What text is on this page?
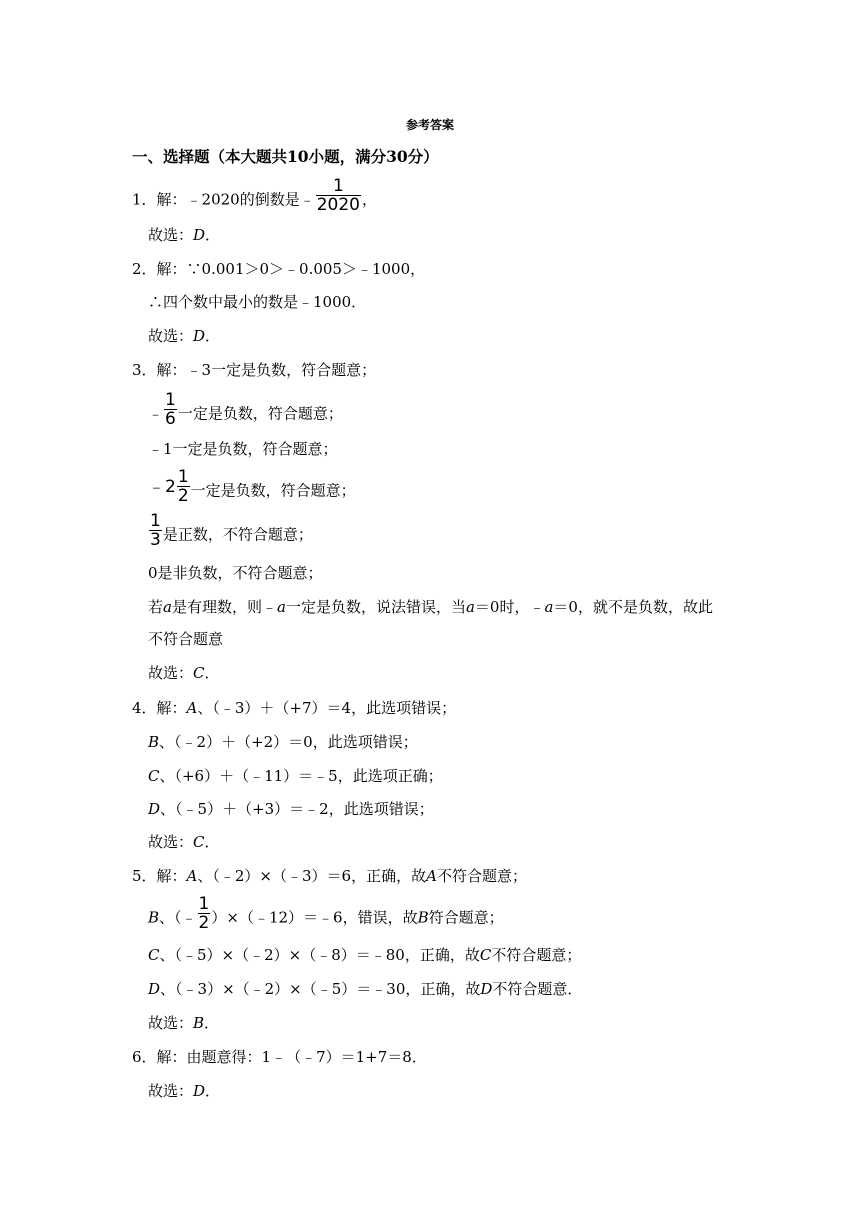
参考答案
一、选择题（本大题共10小题，满分30分）
1．解：﹣2020的倒数是﹣ $\frac{1}{2020}$ ，
故选：D．
2．解：∵0.001＞0＞﹣0.005＞﹣1000，
∴四个数中最小的数是﹣1000．
故选：D．
3．解：﹣3一定是负数，符合题意；
﹣ $\frac{1}{6}$ 一定是负数，符合题意；
﹣1一定是负数，符合题意；
﹣2 $\frac{1}{2}$ 一定是负数，符合题意；
$\frac{1}{3}$ 是正数，不符合题意；
0是非负数，不符合题意；
若a是有理数，则﹣a一定是负数，说法错误，当a＝0时，﹣a＝0，就不是负数，故此
不符合题意
故选：C．
4．解：A、（﹣3）＋（+7）＝4，此选项错误；
B、（﹣2）＋（+2）＝0，此选项错误；
C、（+6）＋（﹣11）＝﹣5，此选项正确；
D、（﹣5）＋（+3）＝﹣2，此选项错误；
故选：C．
5．解：A、（﹣2）×（﹣3）＝6，正确，故A不符合题意；
B、（﹣ $\frac{1}{2}$ ）×（﹣12）＝﹣6，错误，故B符合题意；
C、（﹣5）×（﹣2）×（﹣8）＝﹣80，正确，故C不符合题意；
D、（﹣3）×（﹣2）×（﹣5）＝﹣30，正确，故D不符合题意．
故选：B．
6．解：由题意得：1﹣（﹣7）＝1+7＝8．
故选：D．
